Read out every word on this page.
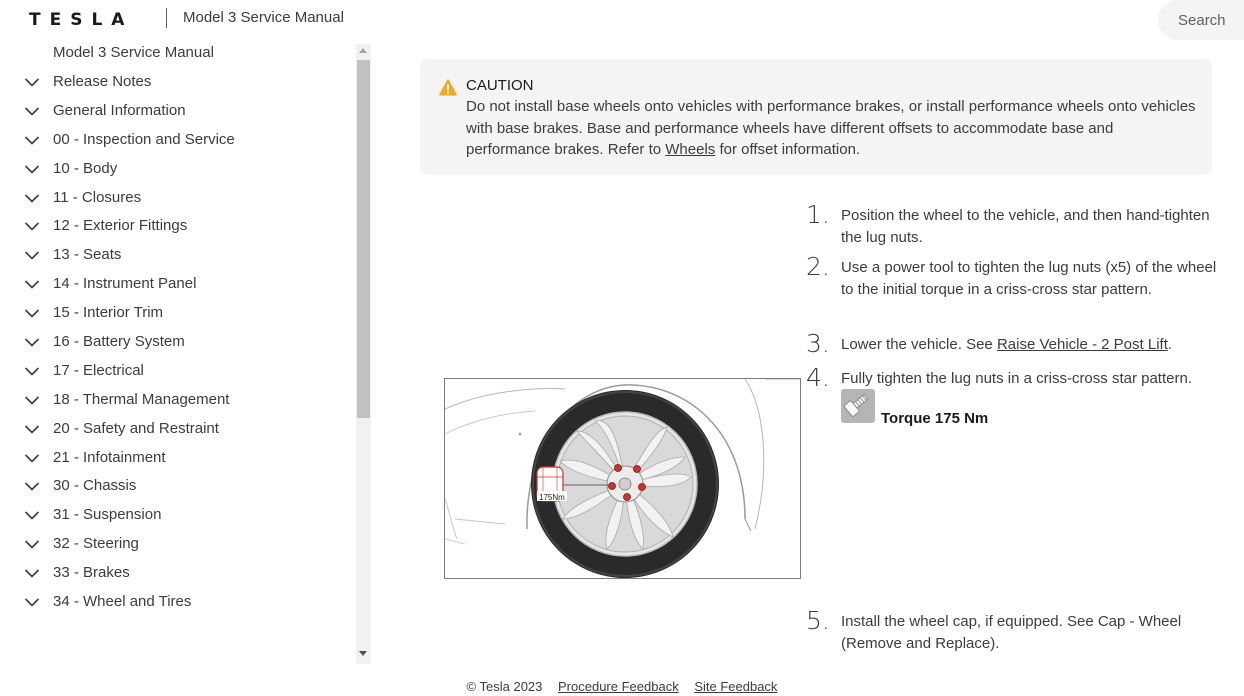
TESLA	Model 3 Service Manual	Search
Model 3 Service Manual
Release Notes
General Information
00 - Inspection and Service
10 - Body
11 - Closures
12 - Exterior Fittings
13 - Seats
14 - Instrument Panel
15 - Interior Trim
16 - Battery System
17 - Electrical
18 - Thermal Management
20 - Safety and Restraint
21 - Infotainment
30 - Chassis
31 - Suspension
32 - Steering
33 - Brakes
34 - Wheel and Tires
CAUTION
Do not install base wheels onto vehicles with performance brakes, or install performance wheels onto vehicles with base brakes. Base and performance wheels have different offsets to accommodate base and performance brakes. Refer to Wheels for offset information.
1. Position the wheel to the vehicle, and then hand-tighten the lug nuts.
2. Use a power tool to tighten the lug nuts (x5) of the wheel to the initial torque in a criss-cross star pattern.
3. Lower the vehicle. See Raise Vehicle - 2 Post Lift.
4. Fully tighten the lug nuts in a criss-cross star pattern.
Torque 175 Nm
5. Install the wheel cap, if equipped. See Cap - Wheel (Remove and Replace).
175Nm
© Tesla 2023 Procedure Feedback Site Feedback
